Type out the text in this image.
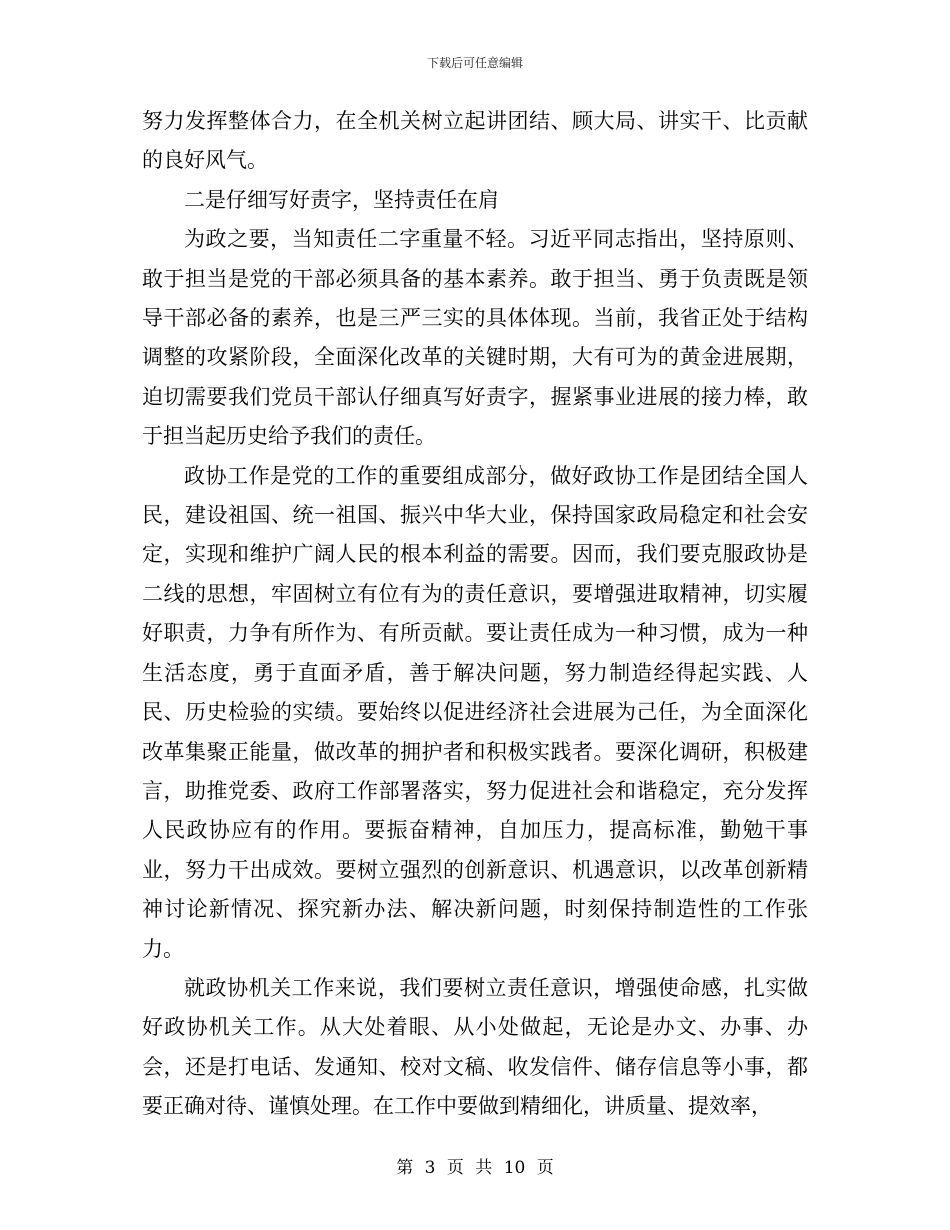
下载后可任意编辑

努力发挥整体合力，在全机关树立起讲团结、顾大局、讲实干、比贡献的良好风气。

二是仔细写好责字，坚持责任在肩

为政之要，当知责任二字重量不轻。习近平同志指出，坚持原则、敢于担当是党的干部必须具备的基本素养。敢于担当、勇于负责既是领导干部必备的素养，也是三严三实的具体体现。当前，我省正处于结构调整的攻紧阶段，全面深化改革的关键时期，大有可为的黄金进展期，迫切需要我们党员干部认仔细真写好责字，握紧事业进展的接力棒，敢于担当起历史给予我们的责任。

政协工作是党的工作的重要组成部分，做好政协工作是团结全国人民，建设祖国、统一祖国、振兴中华大业，保持国家政局稳定和社会安定，实现和维护广阔人民的根本利益的需要。因而，我们要克服政协是二线的思想，牢固树立有位有为的责任意识，要增强进取精神，切实履好职责，力争有所作为、有所贡献。要让责任成为一种习惯，成为一种生活态度，勇于直面矛盾，善于解决问题，努力制造经得起实践、人民、历史检验的实绩。要始终以促进经济社会进展为己任，为全面深化改革集聚正能量，做改革的拥护者和积极实践者。要深化调研，积极建言，助推党委、政府工作部署落实，努力促进社会和谐稳定，充分发挥人民政协应有的作用。要振奋精神，自加压力，提高标准，勤勉干事业，努力干出成效。要树立强烈的创新意识、机遇意识，以改革创新精神讨论新情况、探究新办法、解决新问题，时刻保持制造性的工作张力。

就政协机关工作来说，我们要树立责任意识，增强使命感，扎实做好政协机关工作。从大处着眼、从小处做起，无论是办文、办事、办会，还是打电话、发通知、校对文稿、收发信件、储存信息等小事，都要正确对待、谨慎处理。在工作中要做到精细化，讲质量、提效率，

第 3 页 共 10 页
